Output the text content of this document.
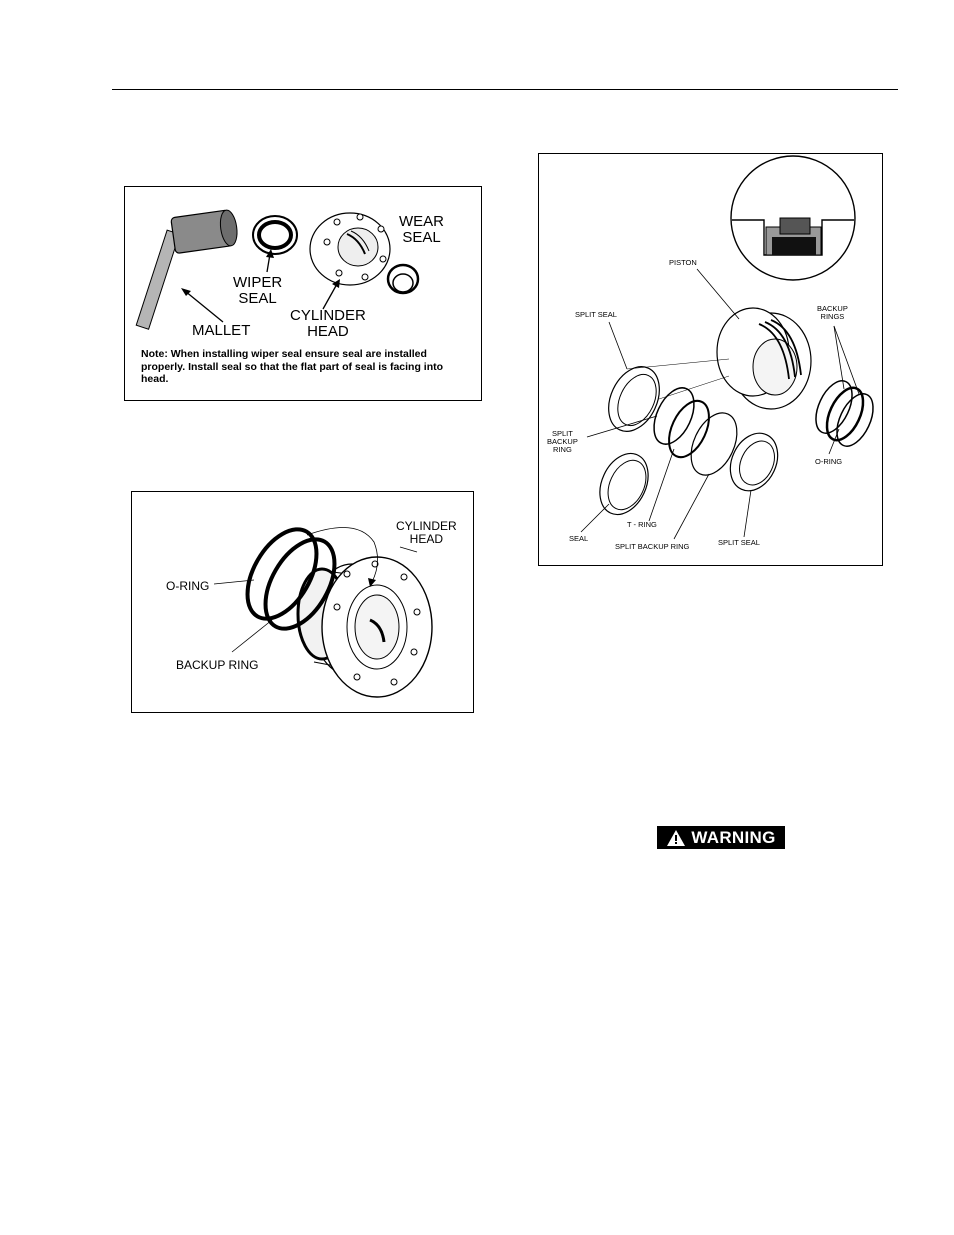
WEAR
SEAL
WIPER
SEAL
CYLINDER
HEAD
MALLET
Note: When installing wiper seal ensure seal are installed properly. Install seal so that the flat part of seal is facing into head.
CYLINDER
HEAD
O-RING
BACKUP RING
PISTON
SPLIT SEAL
BACKUP
RINGS
SPLIT
BACKUP
RING
O-RING
SEAL
T - RING
SPLIT BACKUP RING	SPLIT SEAL
WARNING
